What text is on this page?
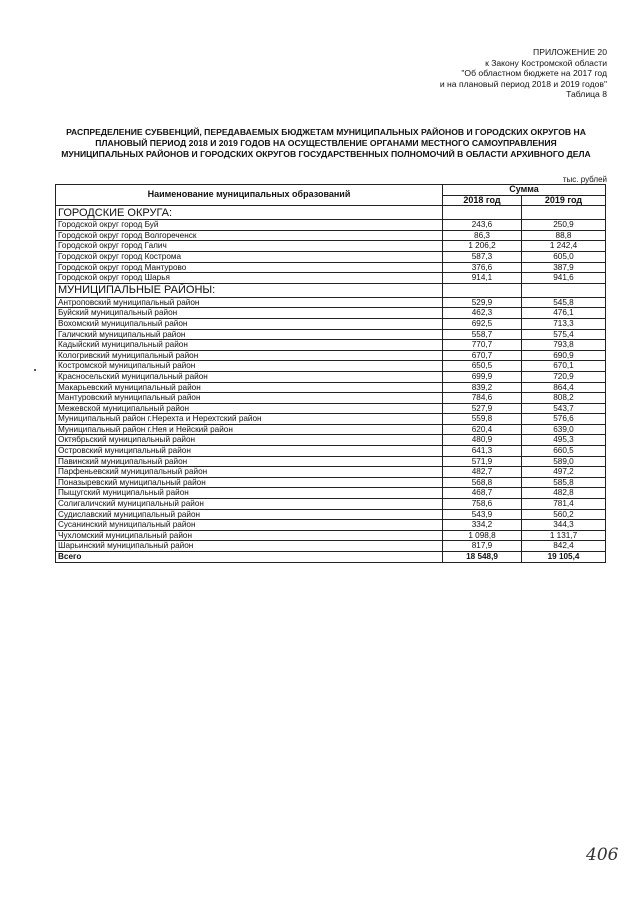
ПРИЛОЖЕНИЕ 20
к Закону Костромской области
"Об областном бюджете на 2017 год
и на плановый период 2018 и 2019 годов"
Таблица 8
РАСПРЕДЕЛЕНИЕ СУБВЕНЦИЙ, ПЕРЕДАВАЕМЫХ БЮДЖЕТАМ МУНИЦИПАЛЬНЫХ РАЙОНОВ И ГОРОДСКИХ ОКРУГОВ НА ПЛАНОВЫЙ ПЕРИОД 2018 И 2019 ГОДОВ НА ОСУЩЕСТВЛЕНИЕ ОРГАНАМИ МЕСТНОГО САМОУПРАВЛЕНИЯ МУНИЦИПАЛЬНЫХ РАЙОНОВ И ГОРОДСКИХ ОКРУГОВ ГОСУДАРСТВЕННЫХ ПОЛНОМОЧИЙ В ОБЛАСТИ АРХИВНОГО ДЕЛА
тыс. рублей
Наименование муниципальных образований	Сумма	
	2018 год	2019 год
ГОРОДСКИЕ ОКРУГА:		
Городской округ город Буй	243,6	250,9
Городской округ город Волгореченск	86,3	88,8
Городской округ город Галич	1 206,2	1 242,4
Городской округ город Кострома	587,3	605,0
Городской округ город Мантурово	376,6	387,9
Городской округ город Шарья	914,1	941,6
МУНИЦИПАЛЬНЫЕ РАЙОНЫ:		
Антроповский муниципальный район	529,9	545,8
Буйский муниципальный район	462,3	476,1
Вохомский муниципальный район	692,5	713,3
Галичский муниципальный район	558,7	575,4
Кадыйский муниципальный район	770,7	793,8
Кологривский муниципальный район	670,7	690,9
Костромской муниципальный район	650,5	670,1
Красносельский муниципальный район	699,9	720,9
Макарьевский муниципальный район	839,2	864,4
Мантуровский муниципальный район	784,6	808,2
Межевской муниципальный район	527,9	543,7
Муниципальный район г.Нерехта и Нерехтский район	559,8	576,6
Муниципальный район г.Нея и Нейский район	620,4	639,0
Октябрьский муниципальный район	480,9	495,3
Островский муниципальный район	641,3	660,5
Павинский муниципальный район	571,9	589,0
Парфеньевский муниципальный район	482,7	497,2
Поназыревский муниципальный район	568,8	585,8
Пыщугский муниципальный район	468,7	482,8
Солигаличский муниципальный район	758,6	781,4
Судиславский муниципальный район	543,9	560,2
Сусанинский муниципальный район	334,2	344,3
Чухломский муниципальный район	1 098,8	1 131,7
Шарьинский муниципальный район	817,9	842,4
Всего	18 548,9	19 105,4
406
